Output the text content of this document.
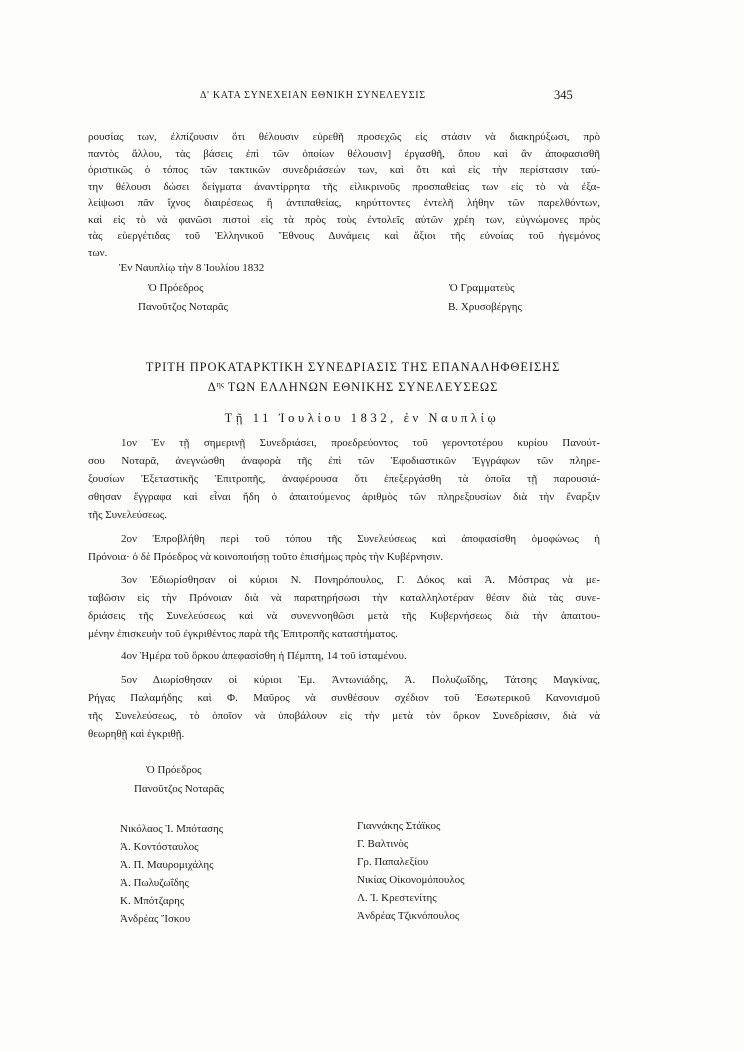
Δ' ΚΑΤΑ ΣΥΝΕΧΕΙΑΝ ΕΘΝΙΚΗ ΣΥΝΕΛΕΥΣΙΣ	345
ρουσίας των, ἐλπίζουσιν ὅτι θέλουσιν εὑρεθῆ προσεχῶς εἰς στάσιν νὰ διακηρύξωσι, πρὸ
παντὸς ἄλλου, τὰς βάσεις ἐπὶ τῶν ὁποίων θέλουσιν] ἐργασθῆ, ὅπου καὶ ἂν ἀποφασισθῆ
ὁριστικῶς ὁ τόπος τῶν τακτικῶν συνεδριάσεών των, καὶ ὅτι καὶ εἰς τὴν περίστασιν ταύ-
την θέλουσι δώσει δείγματα ἀναντίρρητα τῆς εἰλικρινοῦς προσπαθείας των εἰς τὸ νὰ ἐξα-
λείψωσι πᾶν ἴχνος διαιρέσεως ἢ ἀντιπαθείας, κηρύττοντες ἐντελῆ λήθην τῶν παρελθόντων,
καὶ εἰς τὸ νὰ φανῶσι πιστοὶ εἰς τὰ πρὸς τοὺς ἐντολεῖς αὐτῶν χρέη των, εὐγνώμονες πρὸς
τὰς εὐεργέτιδας τοῦ Ἑλληνικοῦ Ἔθνους Δυνάμεις καὶ ἄξιοι τῆς εὐνοίας τοῦ ἡγεμόνος
των.
Ἐν Ναυπλίῳ τὴν 8 Ἰουλίου 1832
Ὁ Πρόεδρος
Πανοῦτζος Νοταρᾶς
Ὁ Γραμματεὺς
Β. Χρυσοβέργης
ΤΡΙΤΗ ΠΡΟΚΑΤΑΡΚΤΙΚΗ ΣΥΝΕΔΡΙΑΣΙΣ ΤΗΣ ΕΠΑΝΑΛΗΦΘΕΙΣΗΣ
$\Delta^{\eta\varsigma}$ ΤΩΝ ΕΛΛΗΝΩΝ ΕΘΝΙΚΗΣ ΣΥΝΕΛΕΥΣΕΩΣ
Τῇ 11 Ἰουλίου 1832, ἐν Ναυπλίῳ
1ον Ἐν τῇ σημερινῇ Συνεδριάσει, προεδρεύοντος τοῦ γεροντοτέρου κυρίου Πανούτ-
σου Νοταρᾶ, ἀνεγνώσθη ἀναφορὰ τῆς ἐπὶ τῶν Ἐφοδιαστικῶν Ἐγγράφων τῶν πληρε-
ξουσίων Ἐξεταστικῆς Ἐπιτροπῆς, ἀναφέρουσα ὅτι ἐπεξεργάσθη τὰ ὁποῖα τῇ παρουσιά-
σθησαν ἔγγραφα καὶ εἶναι ἤδη ὁ ἀπαιτούμενος ἀριθμὸς τῶν πληρεξουσίων διὰ τὴν ἔναρξιν
τῆς Συνελεύσεως.
2ον Ἐπροβλήθη περὶ τοῦ τόπου τῆς Συνελεύσεως καὶ ἀποφασίσθη ὁμοφώνως ἡ
Πρόνοια· ὁ δὲ Πρόεδρος νὰ κοινοποιήσῃ τοῦτο ἐπισήμως πρὸς τὴν Κυβέρνησιν.
3ον Ἐδιωρίσθησαν οἱ κύριοι Ν. Πονηρόπουλος, Γ. Δόκος καὶ Ἀ. Μόστρας νὰ με-
ταβῶσιν εἰς τὴν Πρόνοιαν διὰ νὰ παρατηρήσωσι τὴν καταλληλοτέραν θέσιν διὰ τὰς συνε-
δριάσεις τῆς Συνελεύσεως καὶ νὰ συνεννοηθῶσι μετὰ τῆς Κυβερνήσεως διὰ τὴν ἀπαιτου-
μένην ἐπισκευὴν τοῦ ἐγκριθέντος παρὰ τῆς Ἐπιτροπῆς καταστήματος.
4ον Ἡμέρα τοῦ ὅρκου ἀπεφασίσθη ἡ Πέμπτη, 14 τοῦ ἱσταμένου.
5ον Διωρίσθησαν οἱ κύριοι Ἐμ. Ἀντωνιάδης, Ἀ. Πολυζωΐδης, Τάτσης Μαγκίνας,
Ρήγας Παλαμήδης καὶ Φ. Μαῦρος νὰ συνθέσουν σχέδιον τοῦ Ἐσωτερικοῦ Κανονισμοῦ
τῆς Συνελεύσεως, τὸ ὁποῖον νὰ ὑποβάλουν εἰς τὴν μετὰ τὸν ὅρκον Συνεδρίασιν, διὰ νὰ
θεωρηθῇ καὶ ἐγκριθῇ.
Ὁ Πρόεδρος
Πανοῦτζος Νοταρᾶς
Νικόλαος Ἰ. Μπότασης
Ἀ. Κοντόσταυλος
Ἀ. Π. Μαυρομιχάλης
Ἀ. Πωλυζωΐδης
Κ. Μπότζαρης
Ἀνδρέας Ἴσκου
Γιαννάκης Στάϊκος
Γ. Βαλτινὸς
Γρ. Παπαλεξίου
Νικίας Οἰκονομόπουλος
Λ. Ἰ. Κρεστενίτης
Ἀνδρέας Τζικνόπουλος
